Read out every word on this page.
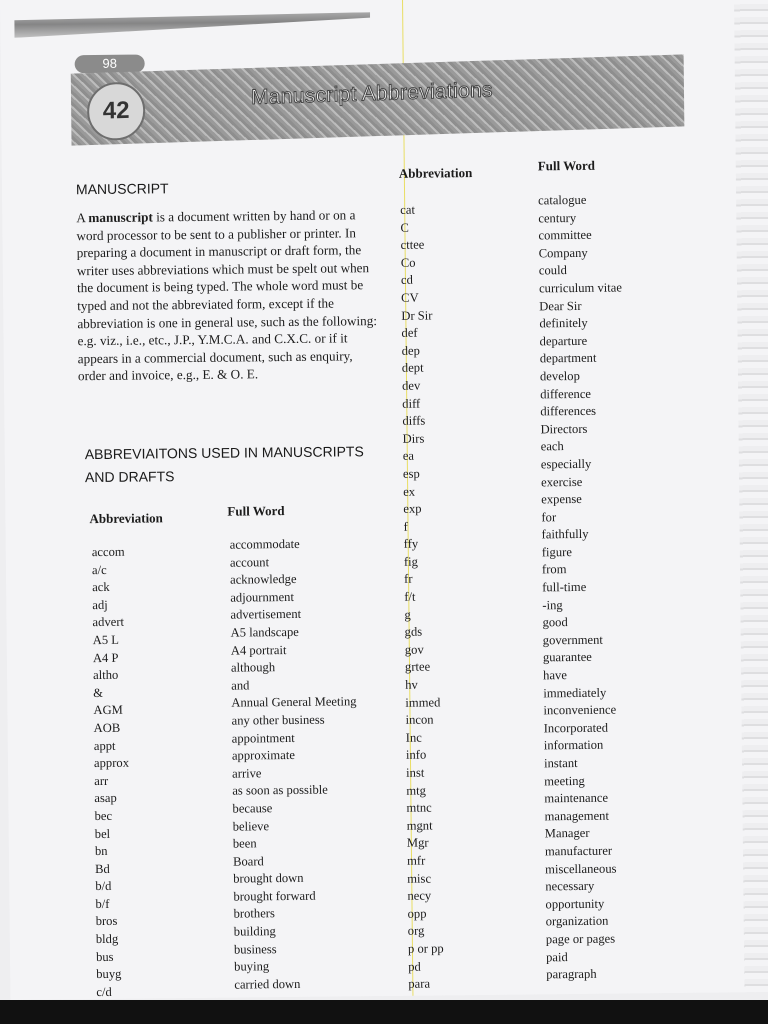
98
42
Manuscript Abbreviations
MANUSCRIPT
A manuscript is a document written by hand or on a word processor to be sent to a publisher or printer. In preparing a document in manuscript or draft form, the writer uses abbreviations which must be spelt out when the document is being typed. The whole word must be typed and not the abbreviated form, except if the abbreviation is one in general use, such as the following: e.g. viz., i.e., etc., J.P., Y.M.C.A. and C.X.C. or if it appears in a commercial document, such as enquiry, order and invoice, e.g., E. & O. E.
ABBREVIAITONS USED IN MANUSCRIPTS
AND DRAFTS
Abbreviation	Full Word
accom
a/c
ack
adj
advert
A5 L
A4 P
altho
&
AGM
AOB
appt
approx
arr
asap
bec
bel
bn
Bd
b/d
b/f
bros
bldg
bus
buyg
c/d
accommodate
account
acknowledge
adjournment
advertisement
A5 landscape
A4 portrait
although
and
Annual General Meeting
any other business
appointment
approximate
arrive
as soon as possible
because
believe
been
Board
brought down
brought forward
brothers
building
business
buying
carried down
Abbreviation	Full Word
cat
C
cttee
Co
cd
CV
Dr Sir
def
dep
dept
dev
diff
diffs
Dirs
ea
esp
ex
exp
f
ffy
fig
fr
f/t
g
gds
gov
grtee
hv
immed
incon
Inc
info
inst
mtg
mtnc
mgnt
Mgr
mfr
misc
necy
opp
org
p or pp
pd
para
catalogue
century
committee
Company
could
curriculum vitae
Dear Sir
definitely
departure
department
develop
difference
differences
Directors
each
especially
exercise
expense
for
faithfully
figure
from
full-time
-ing
good
government
guarantee
have
immediately
inconvenience
Incorporated
information
instant
meeting
maintenance
management
Manager
manufacturer
miscellaneous
necessary
opportunity
organization
page or pages
paid
paragraph
